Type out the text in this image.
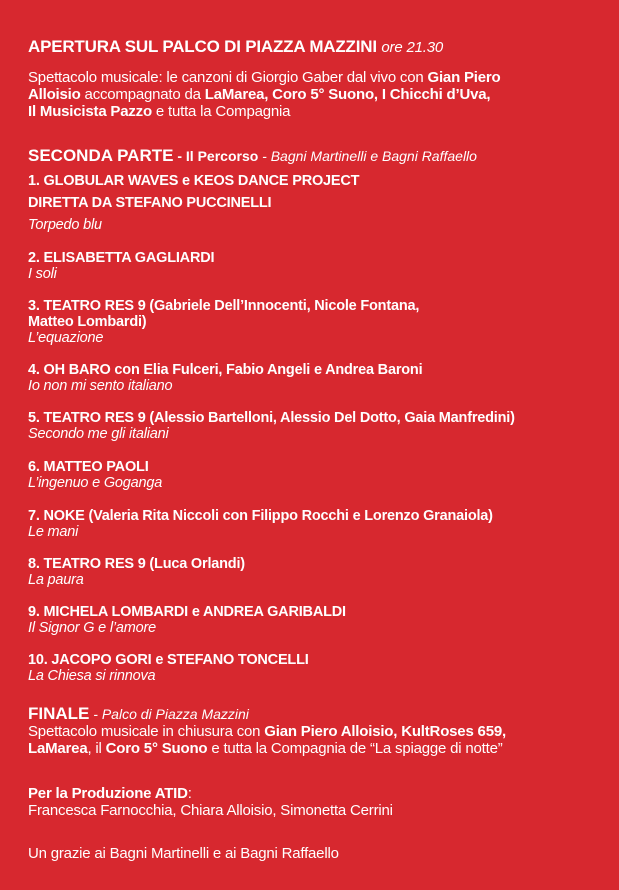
APERTURA SUL PALCO DI PIAZZA MAZZINI ore 21.30
Spettacolo musicale: le canzoni di Giorgio Gaber dal vivo con Gian Piero
Alloisio accompagnato da LaMarea, Coro 5° Suono, I Chicchi d’Uva,
Il Musicista Pazzo e tutta la Compagnia
SECONDA PARTE - Il Percorso - Bagni Martinelli e Bagni Raffaello
1. GLOBULAR WAVES e KEOS DANCE PROJECT
DIRETTA DA STEFANO PUCCINELLI
Torpedo blu
2. ELISABETTA GAGLIARDI
I soli
3. TEATRO RES 9 (Gabriele Dell’Innocenti, Nicole Fontana,
Matteo Lombardi)
L’equazione
4. OH BARO con Elia Fulceri, Fabio Angeli e Andrea Baroni
Io non mi sento italiano
5. TEATRO RES 9 (Alessio Bartelloni, Alessio Del Dotto, Gaia Manfredini)
Secondo me gli italiani
6. MATTEO PAOLI
L’ingenuo e Goganga
7. NOKE (Valeria Rita Niccoli con Filippo Rocchi e Lorenzo Granaiola)
Le mani
8. TEATRO RES 9 (Luca Orlandi)
La paura
9. MICHELA LOMBARDI e ANDREA GARIBALDI
Il Signor G e l’amore
10. JACOPO GORI e STEFANO TONCELLI
La Chiesa si rinnova
FINALE - Palco di Piazza Mazzini
Spettacolo musicale in chiusura con Gian Piero Alloisio, KultRoses 659,
LaMarea, il Coro 5° Suono e tutta la Compagnia de “La spiagge di notte”
Per la Produzione ATID:
Francesca Farnocchia, Chiara Alloisio, Simonetta Cerrini
Un grazie ai Bagni Martinelli e ai Bagni Raffaello
